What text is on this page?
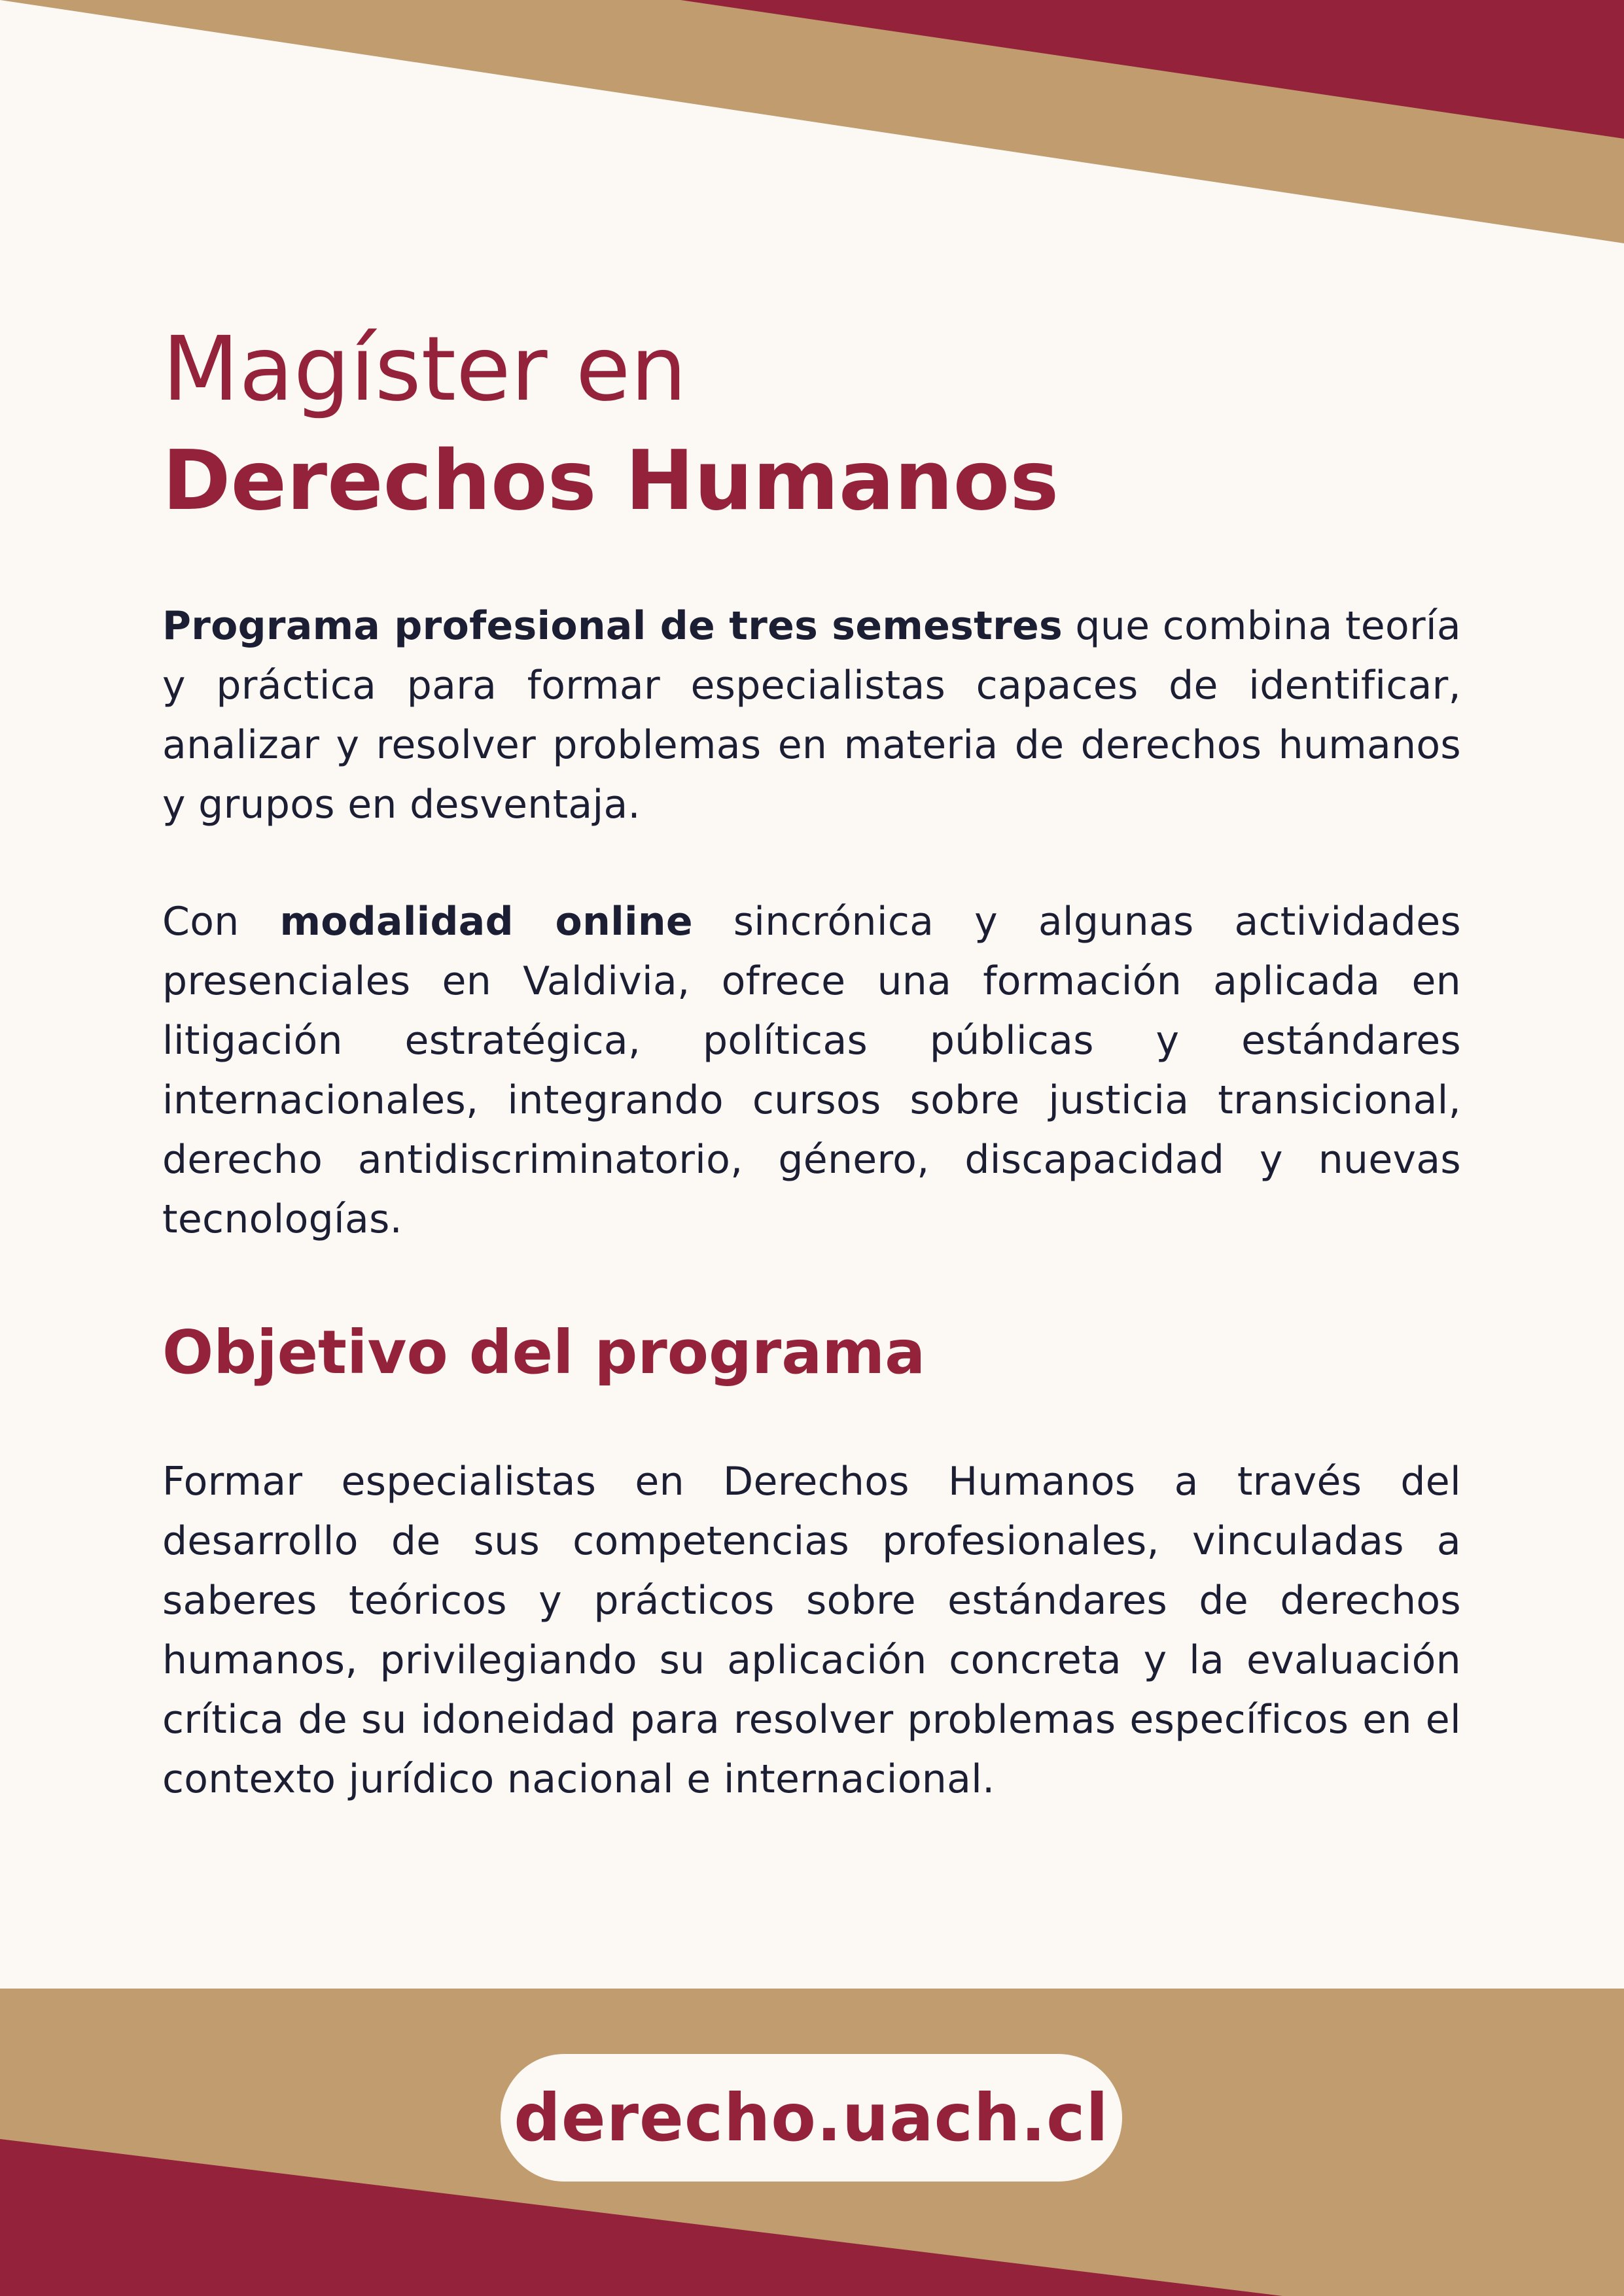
Magíster en
Derechos Humanos

Programa profesional de tres semestres que combina teoría y práctica para formar especialistas capaces de identificar, analizar y resolver problemas en materia de derechos humanos y grupos en desventaja.

Con modalidad online sincrónica y algunas actividades presenciales en Valdivia, ofrece una formación aplicada en litigación estratégica, políticas públicas y estándares internacionales, integrando cursos sobre justicia transicional, derecho antidiscriminatorio, género, discapacidad y nuevas tecnologías.

Objetivo del programa

Formar especialistas en Derechos Humanos a través del desarrollo de sus competencias profesionales, vinculadas a saberes teóricos y prácticos sobre estándares de derechos humanos, privilegiando su aplicación concreta y la evaluación crítica de su idoneidad para resolver problemas específicos en el contexto jurídico nacional e internacional.

derecho.uach.cl
